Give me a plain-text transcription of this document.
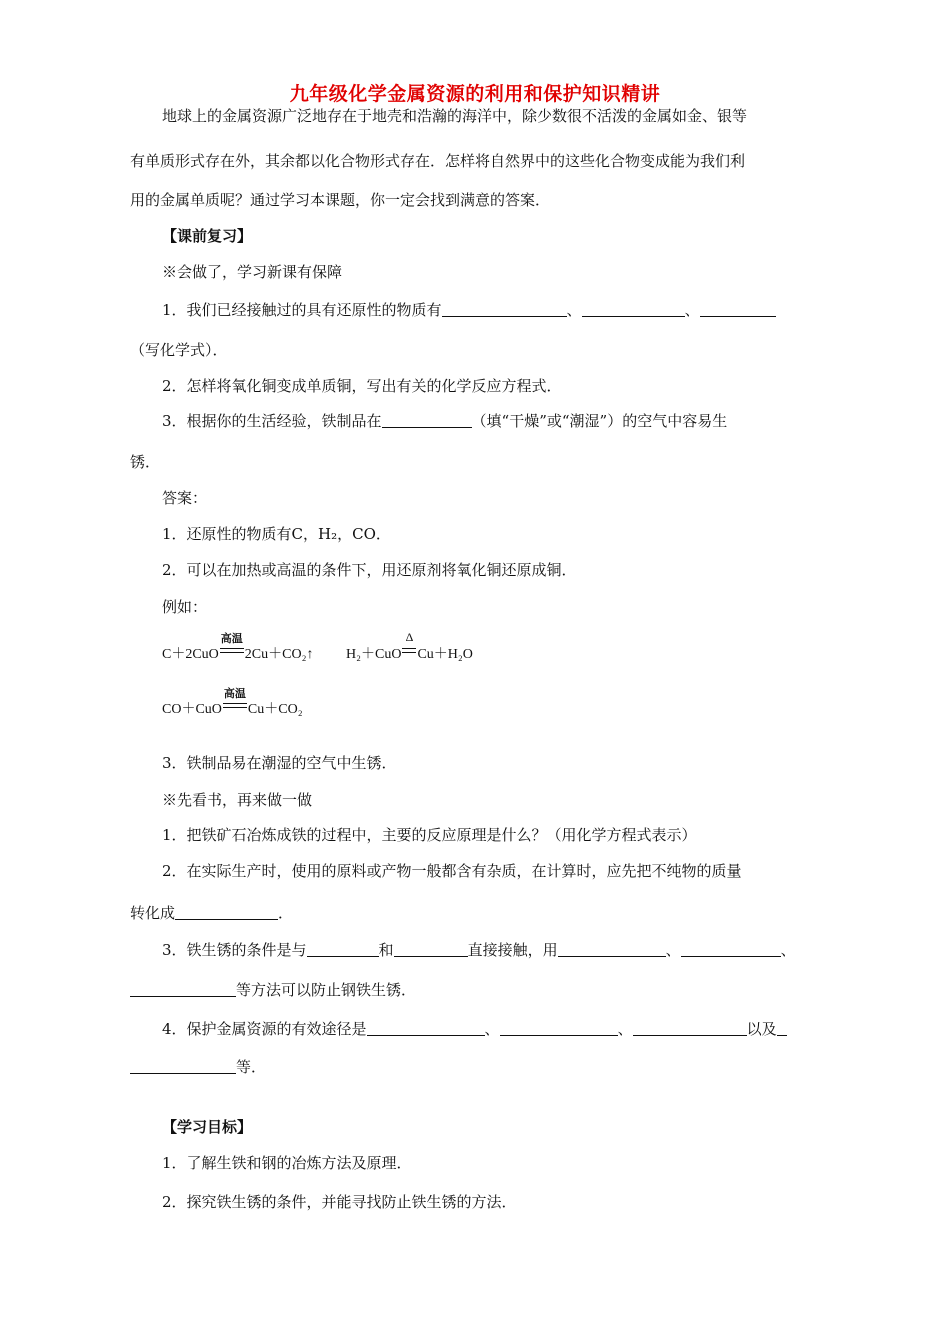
九年级化学金属资源的利用和保护知识精讲
地球上的金属资源广泛地存在于地壳和浩瀚的海洋中，除少数很不活泼的金属如金、银等
有单质形式存在外，其余都以化合物形式存在．怎样将自然界中的这些化合物变成能为我们利
用的金属单质呢？通过学习本课题，你一定会找到满意的答案．
【课前复习】
※会做了，学习新课有保障
1．我们已经接触过的具有还原性的物质有	、	、
（写化学式）．
2．怎样将氧化铜变成单质铜，写出有关的化学反应方程式．
3．根据你的生活经验，铁制品在	（填“干燥”或“潮湿”）的空气中容易生
锈．
答案：
1．还原性的物质有C，H₂，CO．
2．可以在加热或高温的条件下，用还原剂将氧化铜还原成铜．
例如：
C＋2CuO
高温
2Cu＋CO₂↑ H₂＋CuO
Δ
Cu＋H₂O
CO＋CuO
高温
Cu＋CO₂
3．铁制品易在潮湿的空气中生锈．
※先看书，再来做一做
1．把铁矿石冶炼成铁的过程中，主要的反应原理是什么？（用化学方程式表示）
2．在实际生产时，使用的原料或产物一般都含有杂质，在计算时，应先把不纯物的质量
转化成	．
3．铁生锈的条件是与	和	直接接触，用	、	、
等方法可以防止钢铁生锈．
4．保护金属资源的有效途径是	、	、	以及
等．
【学习目标】
1．了解生铁和钢的冶炼方法及原理．
2．探究铁生锈的条件，并能寻找防止铁生锈的方法．
